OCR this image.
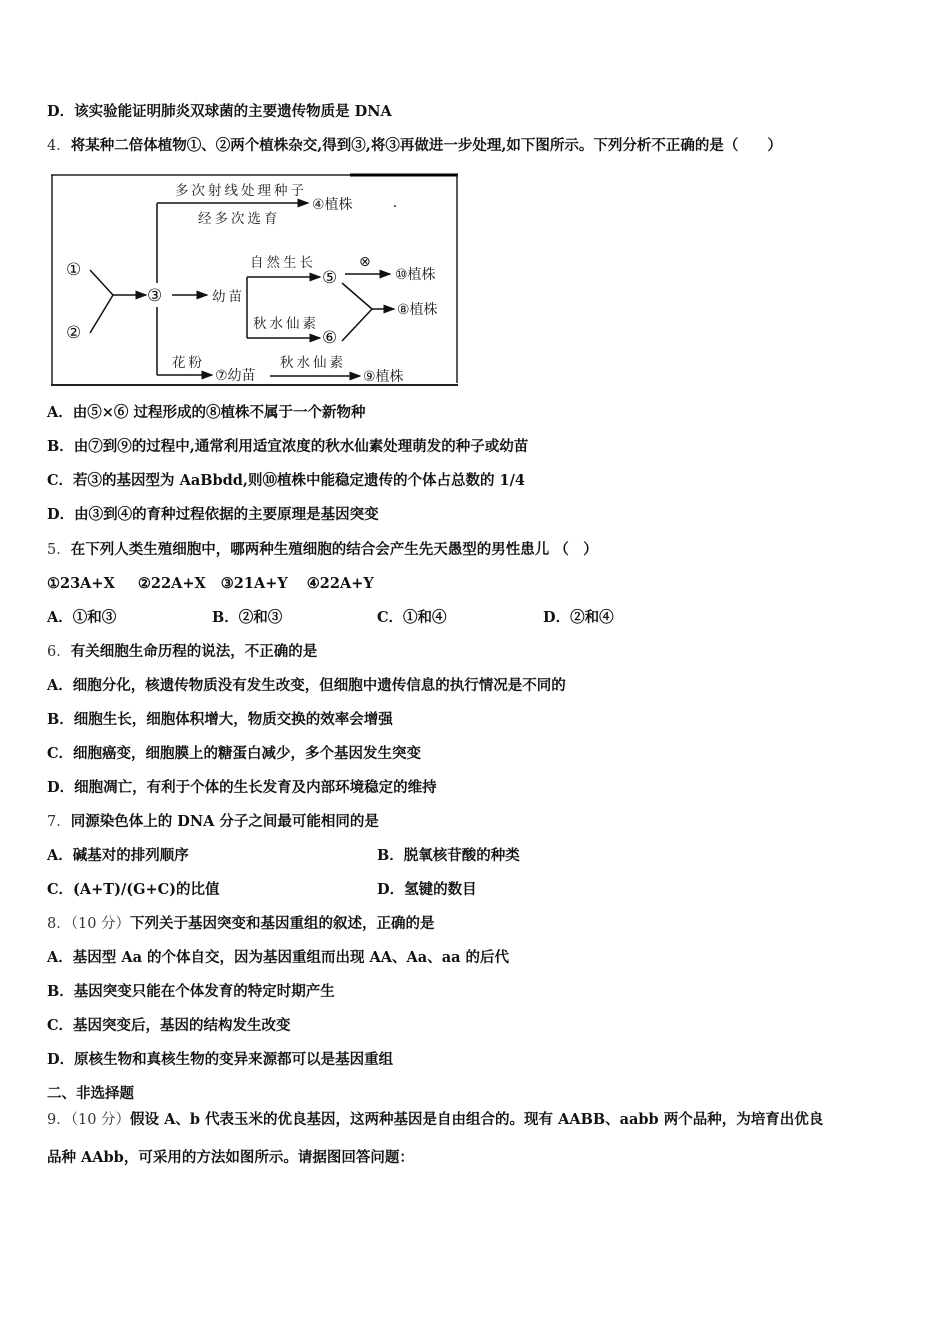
D．该实验能证明肺炎双球菌的主要遗传物质是 DNA
4．将某种二倍体植物①、②两个植株杂交,得到③,将③再做进一步处理,如下图所示。下列分析不正确的是（　　）
①
②
③
多次射线处理种子
经多次选育
④植株
幼苗
自然生长
秋水仙素
⑤
⑥
⊗
⑩植株
⑧植株
花粉
⑦幼苗
秋水仙素
⑨植株
A．由⑤×⑥ 过程形成的⑧植株不属于一个新物种
B．由⑦到⑨的过程中,通常利用适宜浓度的秋水仙素处理萌发的种子或幼苗
C．若③的基因型为 AaBbdd,则⑩植株中能稳定遗传的个体占总数的 1/4
D．由③到④的育种过程依据的主要原理是基因突变
5．在下列人类生殖细胞中，哪两种生殖细胞的结合会产生先天愚型的男性患儿 （　）
①23A+X ②22A+X ③21A+Y ④22A+Y
A．①和③	B．②和③	C．①和④	D．②和④
6．有关细胞生命历程的说法，不正确的是
A．细胞分化，核遗传物质没有发生改变，但细胞中遗传信息的执行情况是不同的
B．细胞生长，细胞体积增大，物质交换的效率会增强
C．细胞癌变，细胞膜上的糖蛋白减少，多个基因发生突变
D．细胞凋亡，有利于个体的生长发育及内部环境稳定的维持
7．同源染色体上的 DNA 分子之间最可能相同的是
A．碱基对的排列顺序	B．脱氧核苷酸的种类
C．(A+T)/(G+C)的比值	D．氢键的数目
8．（10 分）下列关于基因突变和基因重组的叙述，正确的是
A．基因型 Aa 的个体自交，因为基因重组而出现 AA、Aa、aa 的后代
B．基因突变只能在个体发育的特定时期产生
C．基因突变后，基因的结构发生改变
D．原核生物和真核生物的变异来源都可以是基因重组
二、非选择题
9．（10 分）假设 A、b 代表玉米的优良基因，这两种基因是自由组合的。现有 AABB、aabb 两个品种，为培育出优良
品种 AAbb，可采用的方法如图所示。请据图回答问题：
